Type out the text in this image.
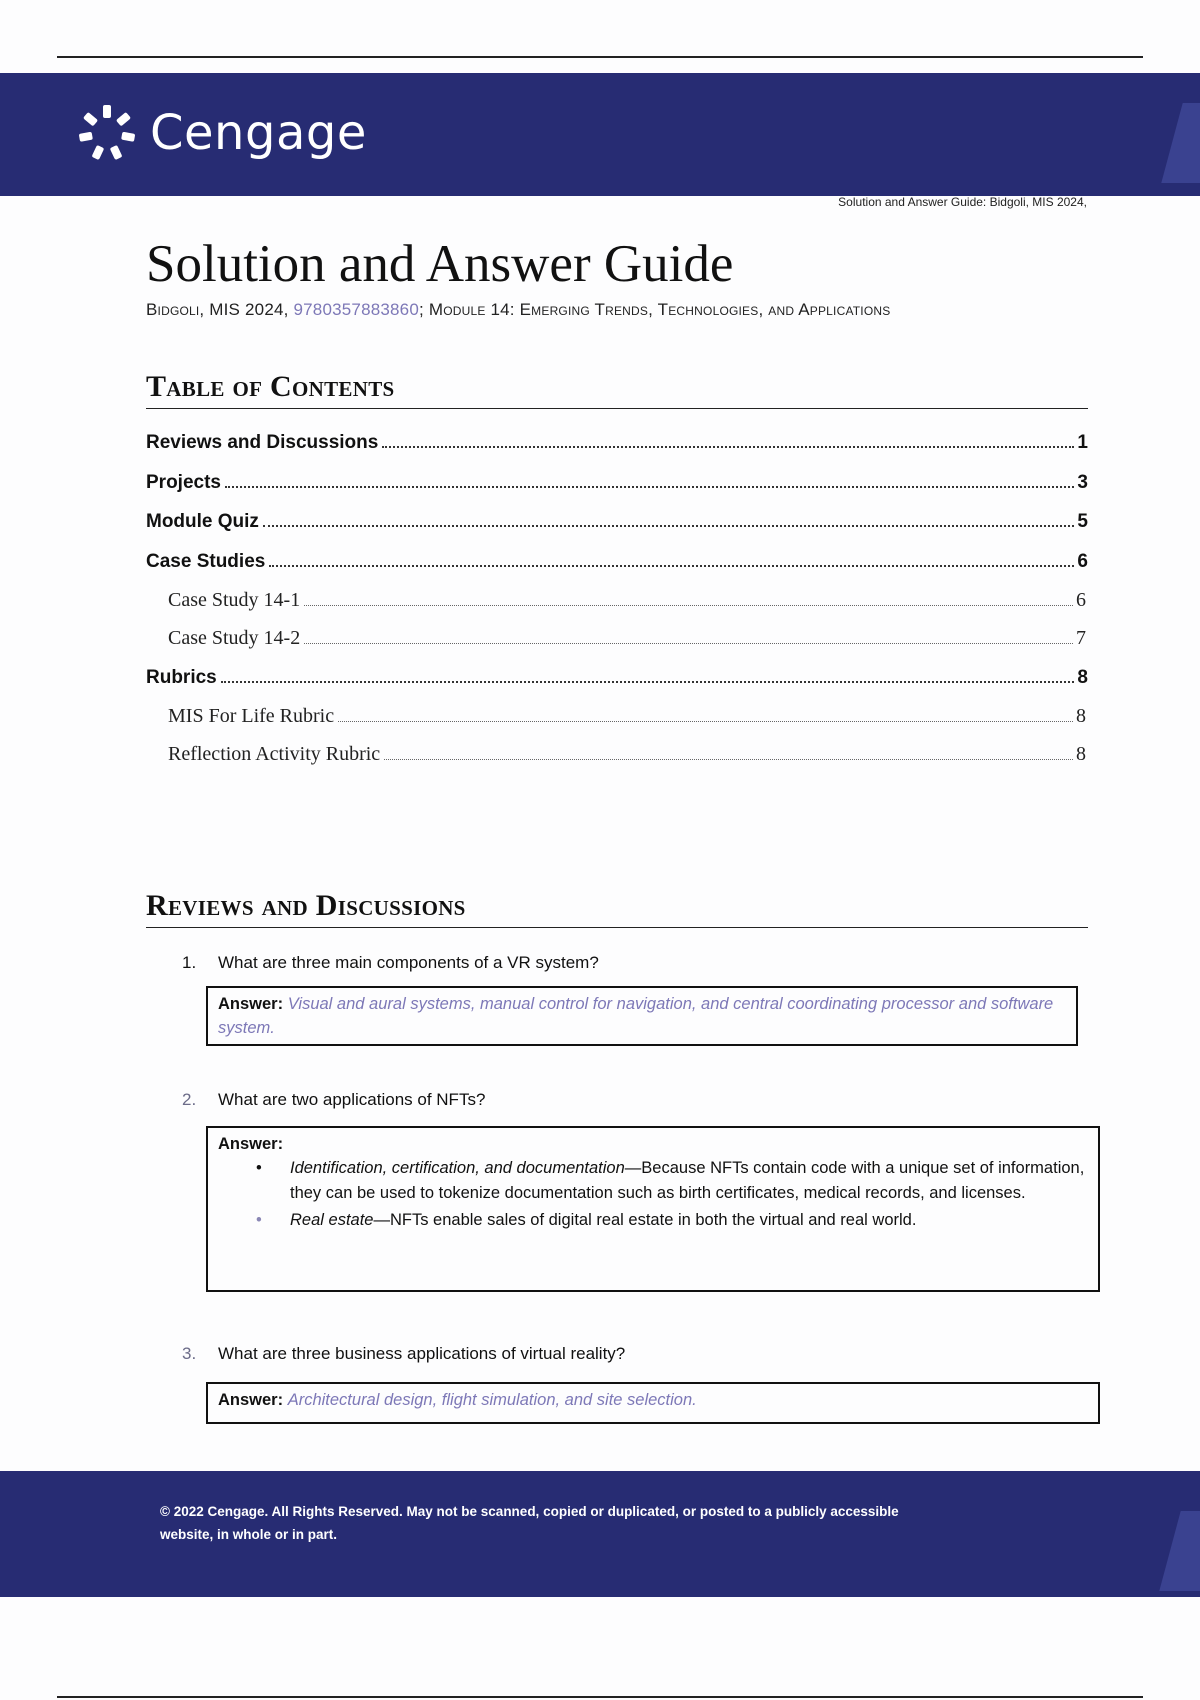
Cengage
Solution and Answer Guide: Bidgoli, MIS 2024,
Solution and Answer Guide
Bidgoli, MIS 2024, 9780357883860; Module 14: Emerging Trends, Technologies, and Applications
Table of Contents
Reviews and Discussions	1
Projects	3
Module Quiz	5
Case Studies	6
Case Study 14-1	6
Case Study 14-2	7
Rubrics	8
MIS For Life Rubric	8
Reflection Activity Rubric	8
Reviews and Discussions
1. What are three main components of a VR system?
Answer: Visual and aural systems, manual control for navigation, and central coordinating processor and software system.
2. What are two applications of NFTs?
Answer:
• Identification, certification, and documentation—Because NFTs contain code with a unique set of information, they can be used to tokenize documentation such as birth certificates, medical records, and licenses.
• Real estate—NFTs enable sales of digital real estate in both the virtual and real world.
3. What are three business applications of virtual reality?
Answer: Architectural design, flight simulation, and site selection.
© 2022 Cengage. All Rights Reserved. May not be scanned, copied or duplicated, or posted to a publicly accessible
website, in whole or in part.
